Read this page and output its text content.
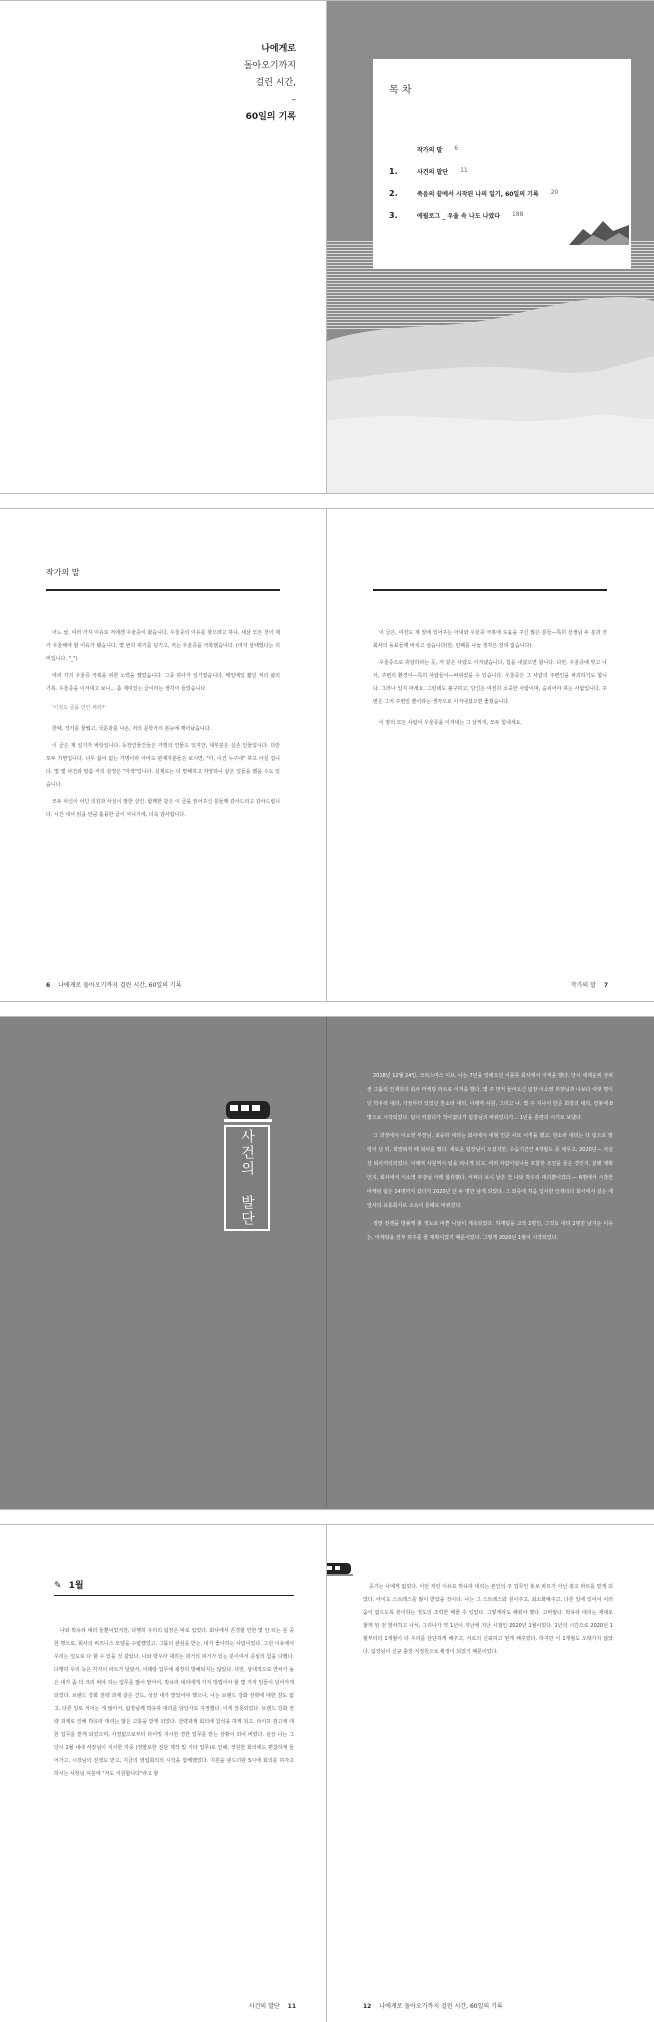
나에게로
돌아오기까지
걸린 시간,
–
60일의 기록
목 차
작가의 말 6
1.	사건의 발단 11
2.	죽음의 끝에서 시작된 나의 일기, 60일의 기록 20
3.	에필로그 _ 우울 속 나도 나였다 188
작가의 말

어느 날, 여러 가지 이유로 저에겐 우울증이 왔습니다. 우울증의 이유를 찾으려고 하니, 새삼 모든 것이 제가 우울해야 할 이유가 됐습니다. 몇 번의 위기를 넘기고, 저는 우울증을 극복했습니다. (여지 상태였다는 의미입니다. "_")

여러 가지 우울증 극복을 위한 노력을 했었습니다. 그중 하나가 일기였습니다. 매일매일 짧던 저의 삶의 기록. 우울증을 이겨내고 보니... 좀 재미있는 글이라는 생각이 들었습니다.

'이것도 글을 만인 써라?'

한때, 작가를 꿈꿨고, 국문과를 나온, 저의 문학가의 본능에 깨어났습니다.

이 글은 제 일기가 바탕입니다. 등장인물간들은 가명의 인물도 있지만, 대부분은 실존 인물입니다. 다만 모두 가명입니다. 너무 싫어 없는 가명이라 아마도 관계자분들은 보시면, "아, 이건 누구네" 하고 아실 겁니다. 몇 몇 사건과 말씀 저의 감정은 "각색"입니다. 실제로는 더 망해하고 자양하니 같은 일들을 했을 수도 있습니다.

모두 사신이 어딘 의원과 사실이 말한 살인. 함께한 같은 이 글을 읽어주신 분들께 감사드리고 감사드립니다. 시간 내서 읽을 만큼 훌륭한 글이 아니기에, 더욱 감사합니다.

6 나에게로 돌아오기까지 걸린 시간, 60일의 기록

이 글은, 여전도 제 앞에 있어주는 아내와 우울증 극복에 도움을 주신 많은 분들—특히 선생님 두 분과 전 회사의 동료들께 바치고 싶습니다(만, 민폐를 나눌 생각은 전혀 없습니다).

우울증으로 휴암하라는 듯, 저 같은 사람도 이겨냈습니다, 힘을 내셨으면 합니다. 다만, 우울증에 맞고 나서, 주변의 환경이—특히 사람들이—바뀌었을 수 있습니다. 우울증은 그 사람의 주변인을 파괴하기도 합니다. 그러나 일지 마세요. 그런데도 불구하고, 당신은 여전히 소중한 사람이며, 숨쉬어야 하는 사람입니다. 주변은 그저 주변일 뿐이라는 생각으로 이겨내셨으면 좋겠습니다.

이 땅의 모든 사람이 우울증을 이겨내는 그 날까지, 모두 힘내세요.

작가의 말 7
사건의 발단

2018년 12월 24일, 크리스마스 이브. 나는 7년을 일해오던 이플롯 회사에서 이직을 했다. 당시 세계순위 상위권 그룹의 인재리더 회사 마케팅 파트로 이직을 했다. 몇 주 먼저 들어오신 팀장 이소영 부장님과 나보다 여럿 명이던 박우라 대리, 가끔부터 있었던 한소라 대리, 이래역 사원, 그리고 나. 몇 주 지나서 한준 회장의 대리, 연봉에 8명으로 시작되었다. 팀이 커졌다가 작아졌다가 팀장님의 바뀌었다가... 1년을 훈련의 시기로 보냈다.

그 과정에서 이소영 부장님, 최유라 대리는 회사에서 대형 인준 사로 이직을 했고, 한소라 대리는 다 팀으로 발령이 난 뒤, 희망퇴직 때 퇴사를 했다. 새로운 팀장님이 오셨지만, 수습기간인 4개월도 못 채우고, 2020년— 사실상 퇴사처리되었다. 이래역 사원역시 팀을 떠나게 되고, 여러 사람이팀나들 포함한 조언을 들은 경인지, 분래 계획인지, 회사에서 이소영 부장님 아래 합류했다. 어쩌다 보니 남은 건 나와 박우리 대리뿐이었다.— 6명에서 시작한 마케팅 팀은 14명까지 갔다가 2020년 단 두 명만 남게 되었다. 그 와중에 처음 입사한 인재리더 회사에서 같은 계열사의 유통회사로 소속이 통폐로 바뀌었다.

정말 전쟁을 방불케 할 정도로 바쁜 나날이 계속되었다. 하계팀을 고작 2명인, 그것도 대리 2명만 남겨둔 이유는, 마케팅을 전부 외주를 줄 계획이었기 때문이었다. 그렇게 2020년 1월이 시작되었다.

✎ 1월

나와 박유라 대리 둘뿐이었지만, 다행히 우리의 팀장은 바로 입었다. 회사에서 존경할 만한 몇 안 되는 분 중 한 명으로, 회사의 비즈니스 모델을 수립했었고, 그룹의 관심을 받는, 내가 좋아하는 사람이었다. 그런 이유에서 우리는 일도로 다 할 수 있을 것 같았다. 나와 박우라 대리는 과거의 피거가 있는 분이여서 준심의 힘을 다했다. 다행히 우리 능은 각자의 파트가 달랐서, 이래랑 업무에 굉장히 방해되지는 않았다. 다만, 상대적으로 연차가 높은 내가 좀 더 크리 퍼야 하는 업무를 많이 맡아서, 박유라 대리에게 가지 방법이야 할 몇 가지 일들이 넘어가게 되었다. 브랜드 강화 전략 과제 같은 건도, 성상 내가 밭았어야 했으나, 나는 브랜드 강화 전략에 대한 감도 없고, 다른 일로 저어는 게 많아서, 팀장님께 박유라 대리를 담당자로 지정했다. 이게 잘못되었다. 브랜드 강화 전략 과제로 인해 박유라 대리는 많은 고통을 받게 되었다. 전략과제 회의에 참석을 하게 되고, 라이프 광고에 대한 업무를 받게 되었으며, 자질없으로부터 타이밍 지시한 경한 업무를 받는 상황이 되어 버렸다. 심상 나는 그 당시 1월 내내 사장님이 지시한 각종 (정말로한 전단 제작 및 기타 업무)로 인해, 정원한 회의에도 편참하게 들어가고, 시장님의 전쟁도 받고, 지금의 영업회의의 시작을 함께했었다. 지원을 핀드녀관 5시에 회의를 하자고 하시는 사장님 덕분에 "저도 지원합니다"라고 할

사건의 발단 11

증기는 나에게 없었다. 이런 저런 이유로 박유라 대리는 본인의 주 업무인 홍보 파트가 아닌 광고 파트를 맡게 되었다. 아이도 스트레스를 많이 받았을 것이다. 나는 그 스트레스와 원이주고, 최소화해주고, 다른 일에 있어서 이러움이 없으도록 원이하는 정도의 조력한 해줄 수 있었다. 그렇게라도 해줘야 했다. 고마웠다. 박유라 대리는 재대로 할게 된 전 말사히고 나서, 그리나가 약 1년이 지난에 지난 시점인 2020년 1월이었다. 1년의 시간으로 2020년 1월부터의 1개월이 더 우리를 단단하게 해주고, 서로의 신뢰하고 믿게 해주었다. 하지만 이 1개월도 오래가지 않았다. 팀장님이 신규 출장 지정원으로 확정이 되었기 때문이었다.

12 나에게로 돌아오기까지 걸린 시간, 60일의 기록
